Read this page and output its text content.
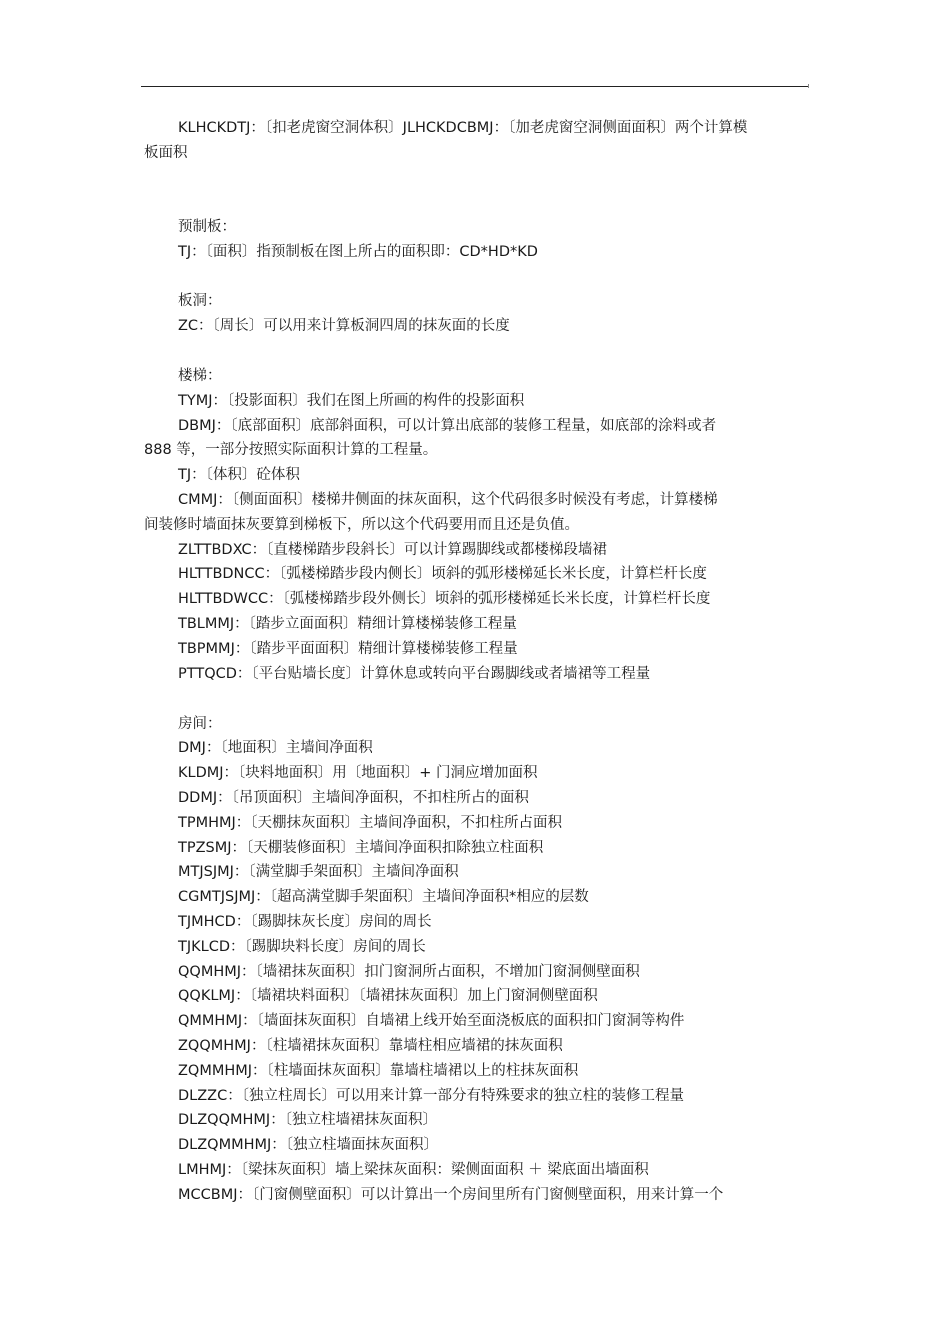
KLHCKDTJ：〔扣老虎窗空洞体积〕JLHCKDCBMJ：〔加老虎窗空洞侧面面积〕两个计算模
板面积
预制板：
TJ：〔面积〕指预制板在图上所占的面积即：CD*HD*KD
板洞：
ZC：〔周长〕可以用来计算板洞四周的抹灰面的长度
楼梯：
TYMJ：〔投影面积〕我们在图上所画的构件的投影面积
DBMJ：〔底部面积〕底部斜面积，可以计算出底部的装修工程量，如底部的涂料或者
888 等，一部分按照实际面积计算的工程量。
TJ：〔体积〕砼体积
CMMJ：〔侧面面积〕楼梯井侧面的抹灰面积，这个代码很多时候没有考虑，计算楼梯
间装修时墙面抹灰要算到梯板下，所以这个代码要用而且还是负值。
ZLTTBDXC：〔直楼梯踏步段斜长〕可以计算踢脚线或都楼梯段墙裙
HLTTBDNCC：〔弧楼梯踏步段内侧长〕顷斜的弧形楼梯延长米长度，计算栏杆长度
HLTTBDWCC：〔弧楼梯踏步段外侧长〕顷斜的弧形楼梯延长米长度，计算栏杆长度
TBLMMJ：〔踏步立面面积〕精细计算楼梯装修工程量
TBPMMJ：〔踏步平面面积〕精细计算楼梯装修工程量
PTTQCD：〔平台贴墙长度〕计算休息或转向平台踢脚线或者墙裙等工程量
房间：
DMJ：〔地面积〕主墙间净面积
KLDMJ：〔块料地面积〕用〔地面积〕+ 门洞应增加面积
DDMJ：〔吊顶面积〕主墙间净面积，不扣柱所占的面积
TPMHMJ：〔天棚抹灰面积〕主墙间净面积，不扣柱所占面积
TPZSMJ：〔天棚装修面积〕主墙间净面积扣除独立柱面积
MTJSJMJ：〔满堂脚手架面积〕主墙间净面积
CGMTJSJMJ：〔超高满堂脚手架面积〕主墙间净面积*相应的层数
TJMHCD：〔踢脚抹灰长度〕房间的周长
TJKLCD：〔踢脚块料长度〕房间的周长
QQMHMJ：〔墙裙抹灰面积〕扣门窗洞所占面积，不增加门窗洞侧壁面积
QQKLMJ：〔墙裙块料面积〕〔墙裙抹灰面积〕加上门窗洞侧壁面积
QMMHMJ：〔墙面抹灰面积〕自墙裙上线开始至面浇板底的面积扣门窗洞等构件
ZQQMHMJ：〔柱墙裙抹灰面积〕靠墙柱相应墙裙的抹灰面积
ZQMMHMJ：〔柱墙面抹灰面积〕靠墙柱墙裙以上的柱抹灰面积
DLZZC：〔独立柱周长〕可以用来计算一部分有特殊要求的独立柱的装修工程量
DLZQQMHMJ：〔独立柱墙裙抹灰面积〕
DLZQMMHMJ：〔独立柱墙面抹灰面积〕
LMHMJ：〔梁抹灰面积〕墙上梁抹灰面积：梁侧面面积 ＋ 梁底面出墙面积
MCCBMJ：〔门窗侧壁面积〕可以计算出一个房间里所有门窗侧壁面积，用来计算一个
